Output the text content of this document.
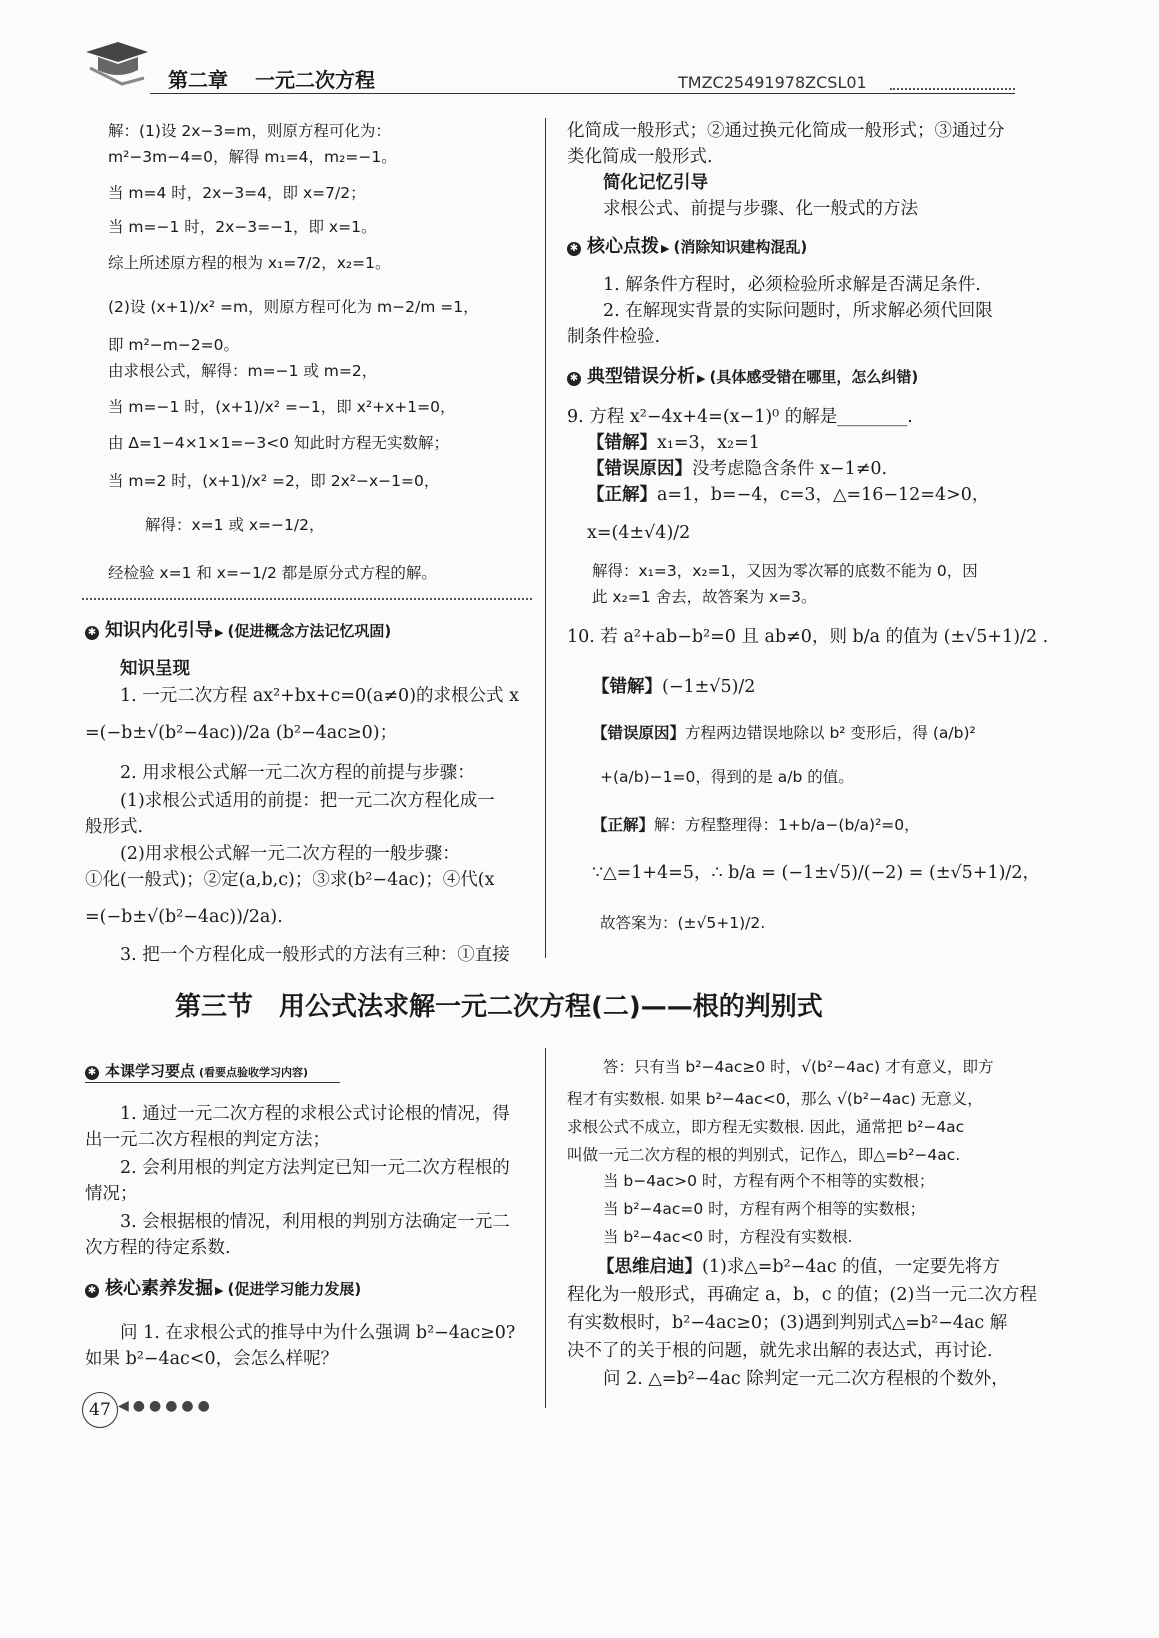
第二章 一元二次方程	TMZC25491978ZCSL01
解：(1)设 2x−3=m，则原方程可化为：
m²−3m−4=0，解得 m₁=4，m₂=−1。
当 m=4 时，2x−3=4，即 x=7/2；
当 m=−1 时，2x−3=−1，即 x=1。
综上所述原方程的根为 x₁=7/2，x₂=1。
(2)设 (x+1)/x² =m，则原方程可化为 m−2/m =1，
即 m²−m−2=0。
由求根公式，解得：m=−1 或 m=2，
当 m=−1 时，(x+1)/x² =−1，即 x²+x+1=0，
由 Δ=1−4×1×1=−3<0 知此时方程无实数解；
当 m=2 时，(x+1)/x² =2，即 2x²−x−1=0，
解得：x=1 或 x=−1/2，
经检验 x=1 和 x=−1/2 都是原分式方程的解。
✱ 知识内化引导 ▶ (促进概念方法记忆巩固)
知识呈现
1. 一元二次方程 ax²+bx+c=0(a≠0)的求根公式 x
=(−b±√(b²−4ac))/2a (b²−4ac≥0)；
2. 用求根公式解一元二次方程的前提与步骤：
(1)求根公式适用的前提：把一元二次方程化成一
般形式.
(2)用求根公式解一元二次方程的一般步骤：
①化(一般式)；②定(a,b,c)；③求(b²−4ac)；④代(x
=(−b±√(b²−4ac))/2a).
3. 把一个方程化成一般形式的方法有三种：①直接
化简成一般形式；②通过换元化简成一般形式；③通过分
类化简成一般形式.
简化记忆引导
求根公式、前提与步骤、化一般式的方法
✱ 核心点拨 ▶ (消除知识建构混乱)
1. 解条件方程时，必须检验所求解是否满足条件.
2. 在解现实背景的实际问题时，所求解必须代回限
制条件检验.
✱ 典型错误分析 ▶ (具体感受错在哪里，怎么纠错)
9. 方程 x²−4x+4=(x−1)⁰ 的解是________.
【错解】x₁=3，x₂=1
【错误原因】没考虑隐含条件 x−1≠0.
【正解】a=1，b=−4，c=3，△=16−12=4>0，
x=(4±√4)/2
解得：x₁=3，x₂=1，又因为零次幂的底数不能为 0，因
此 x₂=1 舍去，故答案为 x=3。
10. 若 a²+ab−b²=0 且 ab≠0，则 b/a 的值为 (±√5+1)/2 .
【错解】(−1±√5)/2
【错误原因】方程两边错误地除以 b² 变形后，得 (a/b)²
+(a/b)−1=0，得到的是 a/b 的值。
【正解】解：方程整理得：1+b/a−(b/a)²=0，
∵△=1+4=5，∴ b/a = (−1±√5)/(−2) = (±√5+1)/2，
故答案为：(±√5+1)/2.
第三节　用公式法求解一元二次方程(二)——根的判别式
✱ 本课学习要点 (看要点验收学习内容)
1. 通过一元二次方程的求根公式讨论根的情况，得
出一元二次方程根的判定方法；
2. 会利用根的判定方法判定已知一元二次方程根的
情况；
3. 会根据根的情况，利用根的判别方法确定一元二
次方程的待定系数.
✱ 核心素养发掘 ▶ (促进学习能力发展)
问 1. 在求根公式的推导中为什么强调 b²−4ac≥0?
如果 b²−4ac<0，会怎么样呢？
答：只有当 b²−4ac≥0 时，√(b²−4ac) 才有意义，即方
程才有实数根. 如果 b²−4ac<0，那么 √(b²−4ac) 无意义，
求根公式不成立，即方程无实数根. 因此，通常把 b²−4ac
叫做一元二次方程的根的判别式，记作△，即△=b²−4ac.
当 b−4ac>0 时，方程有两个不相等的实数根；
当 b²−4ac=0 时，方程有两个相等的实数根；
当 b²−4ac<0 时，方程没有实数根.
【思维启迪】(1)求△=b²−4ac 的值，一定要先将方
程化为一般形式，再确定 a，b，c 的值；(2)当一元二次方程
有实数根时，b²−4ac≥0；(3)遇到判别式△=b²−4ac 解
决不了的关于根的问题，就先求出解的表达式，再讨论.
问 2. △=b²−4ac 除判定一元二次方程根的个数外，
47 ◀●●●●●
